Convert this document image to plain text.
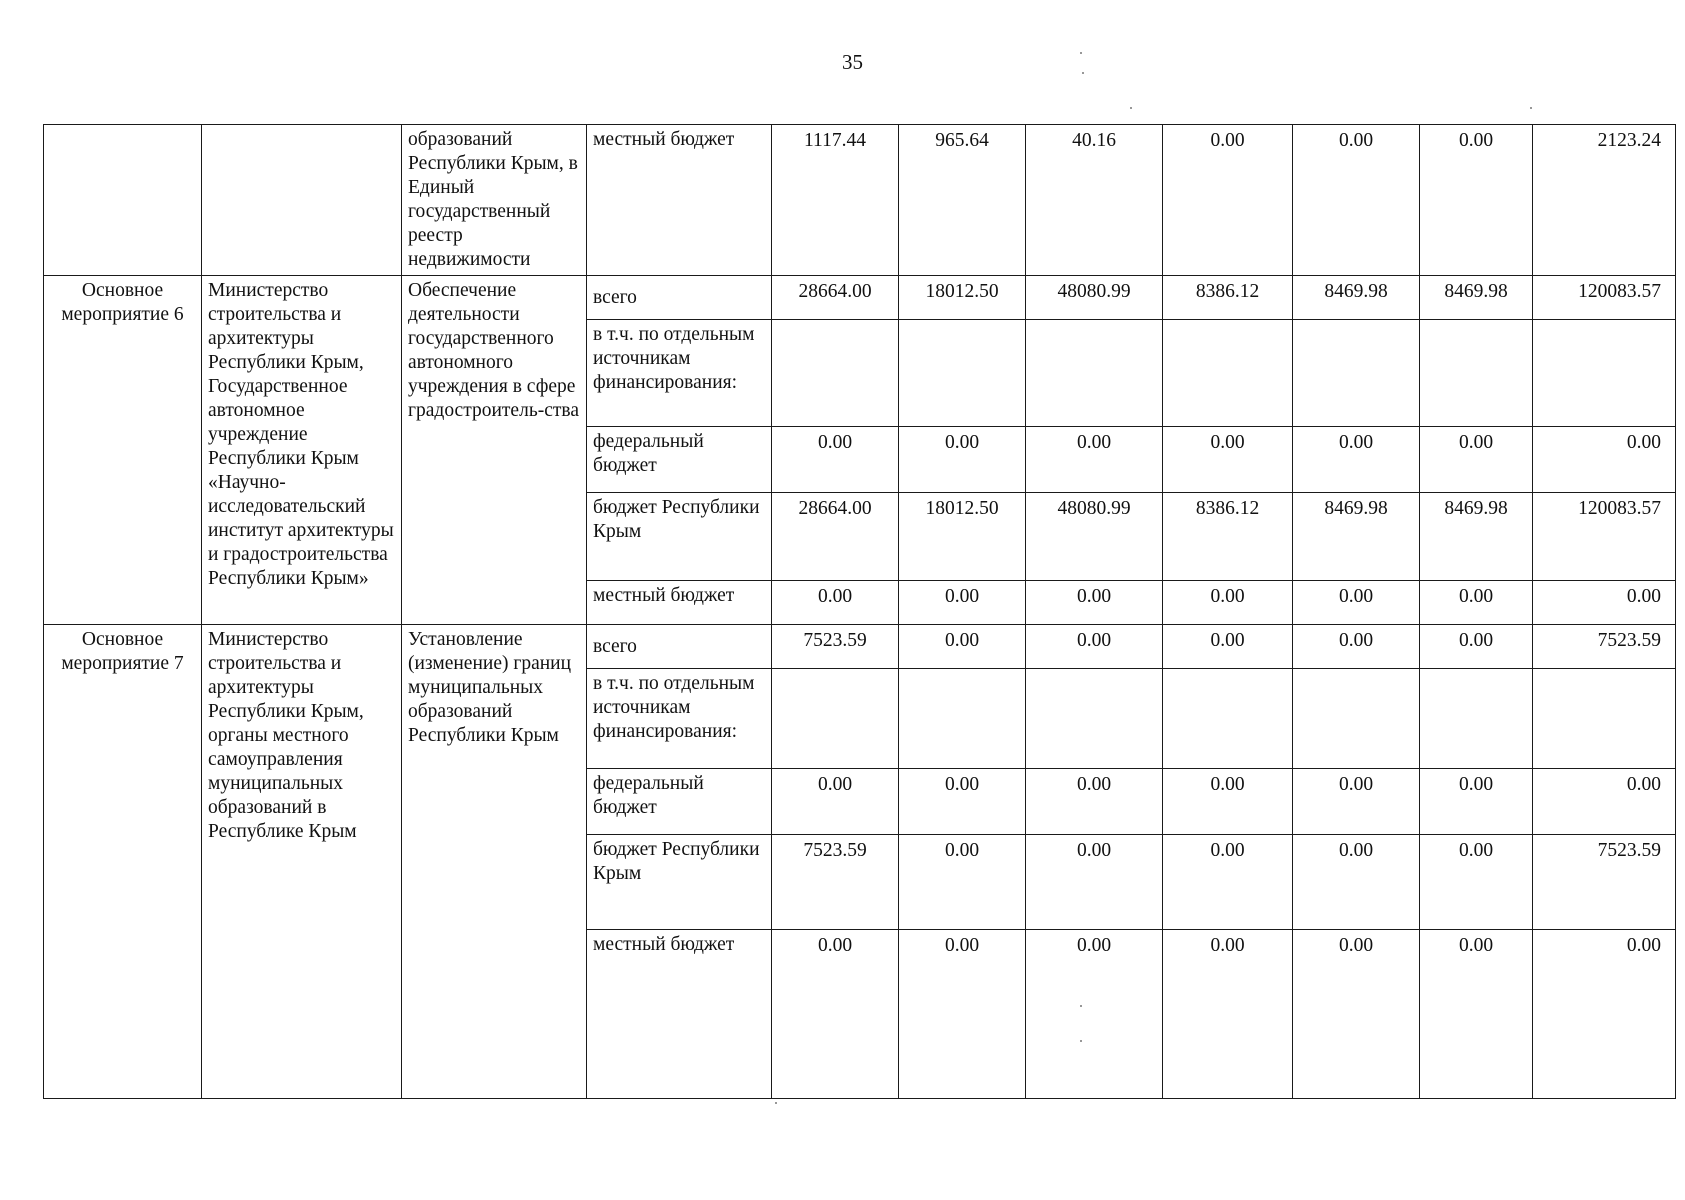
35
		образований Республики Крым, в Единый государственный реестр недвижимости	местный бюджет	1117.44	965.64	40.16	0.00	0.00	0.00	2123.24
Основное мероприятие 6	Министерство строительства и архитектуры Республики Крым, Государственное автономное учреждение Республики Крым «Научно-исследовательский институт архитектуры и градостроительства Республики Крым»	Обеспечение деятельности государственного автономного учреждения в сфере градостроитель-ства	всего	28664.00	18012.50	48080.99	8386.12	8469.98	8469.98	120083.57
			в т.ч. по отдельным источникам финансирования:							
			федеральный бюджет	0.00	0.00	0.00	0.00	0.00	0.00	0.00
			бюджет Республики Крым	28664.00	18012.50	48080.99	8386.12	8469.98	8469.98	120083.57
			местный бюджет	0.00	0.00	0.00	0.00	0.00	0.00	0.00
Основное мероприятие 7	Министерство строительства и архитектуры Республики Крым, органы местного самоуправления муниципальных образований в Республике Крым	Установление (изменение) границ муниципальных образований Республики Крым	всего	7523.59	0.00	0.00	0.00	0.00	0.00	7523.59
			в т.ч. по отдельным источникам финансирования:							
			федеральный бюджет	0.00	0.00	0.00	0.00	0.00	0.00	0.00
			бюджет Республики Крым	7523.59	0.00	0.00	0.00	0.00	0.00	7523.59
			местный бюджет	0.00	0.00	0.00	0.00	0.00	0.00	0.00
